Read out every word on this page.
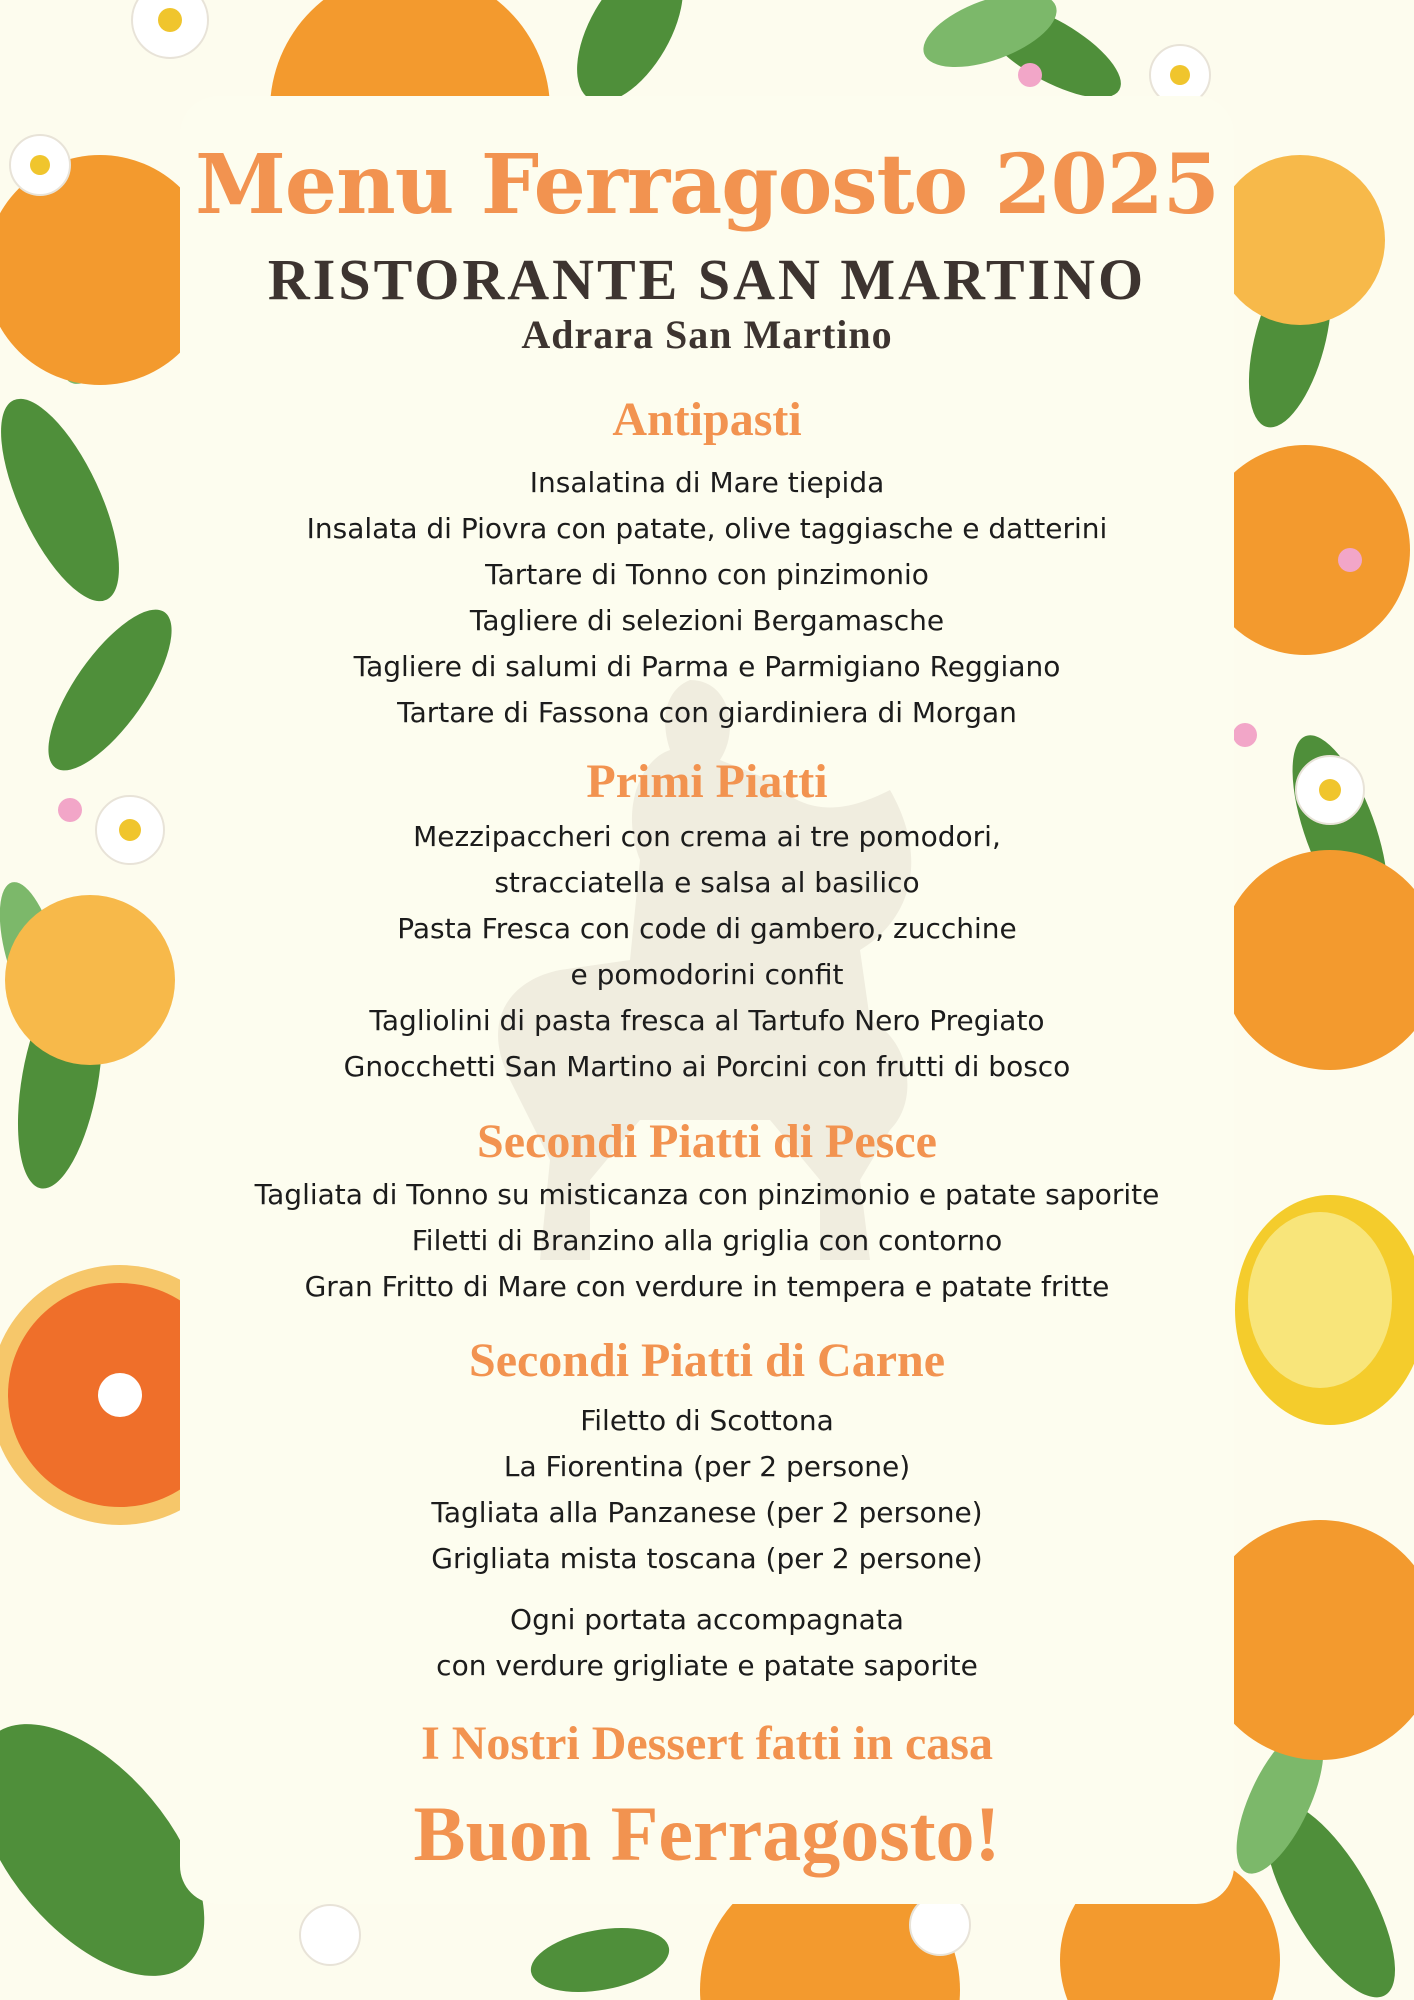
Menu Ferragosto 2025
RISTORANTE SAN MARTINO
Adrara San Martino
Antipasti
Insalatina di Mare tiepida
Insalata di Piovra con patate, olive taggiasche e datterini
Tartare di Tonno con pinzimonio
Tagliere di selezioni Bergamasche
Tagliere di salumi di Parma e Parmigiano Reggiano
Tartare di Fassona con giardiniera di Morgan
Primi Piatti
Mezzipaccheri con crema ai tre pomodori,
stracciatella e salsa al basilico
Pasta Fresca con code di gambero, zucchine
e pomodorini confit
Tagliolini di pasta fresca al Tartufo Nero Pregiato
Gnocchetti San Martino ai Porcini con frutti di bosco
Secondi Piatti di Pesce
Tagliata di Tonno su misticanza con pinzimonio e patate saporite
Filetti di Branzino alla griglia con contorno
Gran Fritto di Mare con verdure in tempera e patate fritte
Secondi Piatti di Carne
Filetto di Scottona
La Fiorentina (per 2 persone)
Tagliata alla Panzanese (per 2 persone)
Grigliata mista toscana (per 2 persone)
Ogni portata accompagnata
con verdure grigliate e patate saporite
I Nostri Dessert fatti in casa
Buon Ferragosto!
